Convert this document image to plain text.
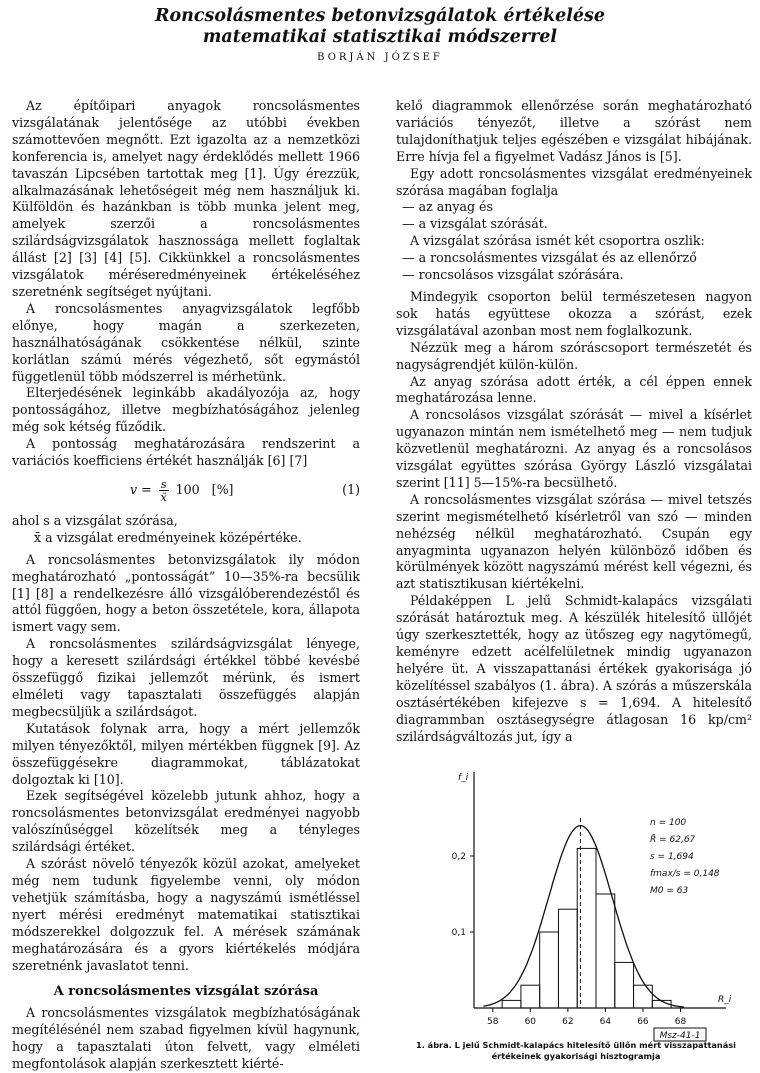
Roncsolásmentes betonvizsgálatok értékelése
matematikai statisztikai módszerrel
BORJÁN JÓZSEF

Az építőipari anyagok roncsolásmentes vizsgálatának jelentősége az utóbbi években számottevően megnőtt. Ezt igazolta az a nemzetközi konferencia is, amelyet nagy érdeklődés mellett 1966 tavaszán Lipcsében tartottak meg [1]. Úgy érezzük, alkalmazásának lehetőségeit még nem használjuk ki. Külföldön és hazánkban is több munka jelent meg, amelyek szerzői a roncsolásmentes szilárdságvizsgálatok hasznossága mellett foglaltak állást [2] [3] [4] [5]. Cikkünkkel a roncsolásmentes vizsgálatok méréseredményeinek értékeléséhez szeretnénk segítséget nyújtani.

A roncsolásmentes anyagvizsgálatok legfőbb előnye, hogy magán a szerkezeten, használhatóságának csökkentése nélkül, szinte korlátlan számú mérés végezhető, sőt egymástól függetlenül több módszerrel is mérhetünk.

Elterjedésének leginkább akadályozója az, hogy pontosságához, illetve megbízhatóságához jelenleg még sok kétség fűződik.

A pontosság meghatározására rendszerint a variációs koefficiens értékét használják [6] [7]

$v = \frac{s}{x̄} 100$   [%]	(1)

ahol s a vizsgálat szórása,

x̄ a vizsgálat eredményeinek középértéke.

A roncsolásmentes betonvizsgálatok ily módon meghatározható „pontosságát” 10—35%-ra becsülik [1] [8] a rendelkezésre álló vizsgálóberendezéstől és attól függően, hogy a beton összetétele, kora, állapota ismert vagy sem.

A roncsolásmentes szilárdságvizsgálat lényege, hogy a keresett szilárdsági értékkel többé kevésbé összefüggő fizikai jellemzőt mérünk, és ismert elméleti vagy tapasztalati összefüggés alapján megbecsüljük a szilárdságot.

Kutatások folynak arra, hogy a mért jellemzők milyen tényezőktől, milyen mértékben függnek [9]. Az összefüggésekre diagrammokat, táblázatokat dolgoztak ki [10].

Ezek segítségével közelebb jutunk ahhoz, hogy a roncsolásmentes betonvizsgálat eredményei nagyobb valószínűséggel közelítsék meg a tényleges szilárdsági értéket.

A szórást növelő tényezők közül azokat, amelyeket még nem tudunk figyelembe venni, oly módon vehetjük számításba, hogy a nagyszámú ismétléssel nyert mérési eredményt matematikai statisztikai módszerekkel dolgozzuk fel. A mérések számának meghatározására és a gyors kiértékelés módjára szeretnénk javaslatot tenni.

A roncsolásmentes vizsgálat szórása

A roncsolásmentes vizsgálatok megbízhatóságának megítélésénél nem szabad figyelmen kívül hagynunk, hogy a tapasztalati úton felvett, vagy elméleti megfontolások alapján szerkesztett kiérté-

kelő diagrammok ellenőrzése során meghatározható variációs tényezőt, illetve a szórást nem tulajdoníthatjuk teljes egészében e vizsgálat hibájának. Erre hívja fel a figyelmet Vadász János is [5].

Egy adott roncsolásmentes vizsgálat eredményeinek szórása magában foglalja

— az anyag és

— a vizsgálat szórását.

A vizsgálat szórása ismét két csoportra oszlik:

— a roncsolásmentes vizsgálat és az ellenőrző

— roncsolásos vizsgálat szórására.

Mindegyik csoporton belül természetesen nagyon sok hatás együttese okozza a szórást, ezek vizsgálatával azonban most nem foglalkozunk.

Nézzük meg a három szóráscsoport természetét és nagyságrendjét külön-külön.

Az anyag szórása adott érték, a cél éppen ennek meghatározása lenne.

A roncsolásos vizsgálat szórását — mivel a kísérlet ugyanazon mintán nem ismételhető meg — nem tudjuk közvetlenül meghatározni. Az anyag és a roncsolásos vizsgálat együttes szórása György László vizsgálatai szerint [11] 5—15%-ra becsülhető.

A roncsolásmentes vizsgálat szórása — mivel tetszés szerint megismételhető kísérletről van szó — minden nehézség nélkül meghatározható. Csupán egy anyagminta ugyanazon helyén különböző időben és körülmények között nagyszámú mérést kell végezni, és azt statisztikusan kiértékelni.

Példaképpen L jelű Schmidt-kalapács vizsgálati szórását határoztuk meg. A készülék hitelesítő üllőjét úgy szerkesztették, hogy az ütőszeg egy nagytömegű, keményre edzett acélfelületnek mindig ugyanazon helyére üt. A visszapattanási értékek gyakorisága jó közelítéssel szabályos (1. ábra). A szórás a műszerskála osztásértékében kifejezve s = 1,694. A hitelesítő diagrammban osztásegységre átlagosan 16 kp/cm² szilárdságváltozás jut, így a

f_i
R_i
58	60	62	64	66	68
0,1
0,2
n = 100
R̄ = 62,67
s = 1,694
fmax/s = 0,148
M0 = 63
Msz-41-1
1. ábra. L jelű Schmidt-kalapács hitelesítő üllőn mért visszapattanási
értékeinek gyakorisági hisztogramja
